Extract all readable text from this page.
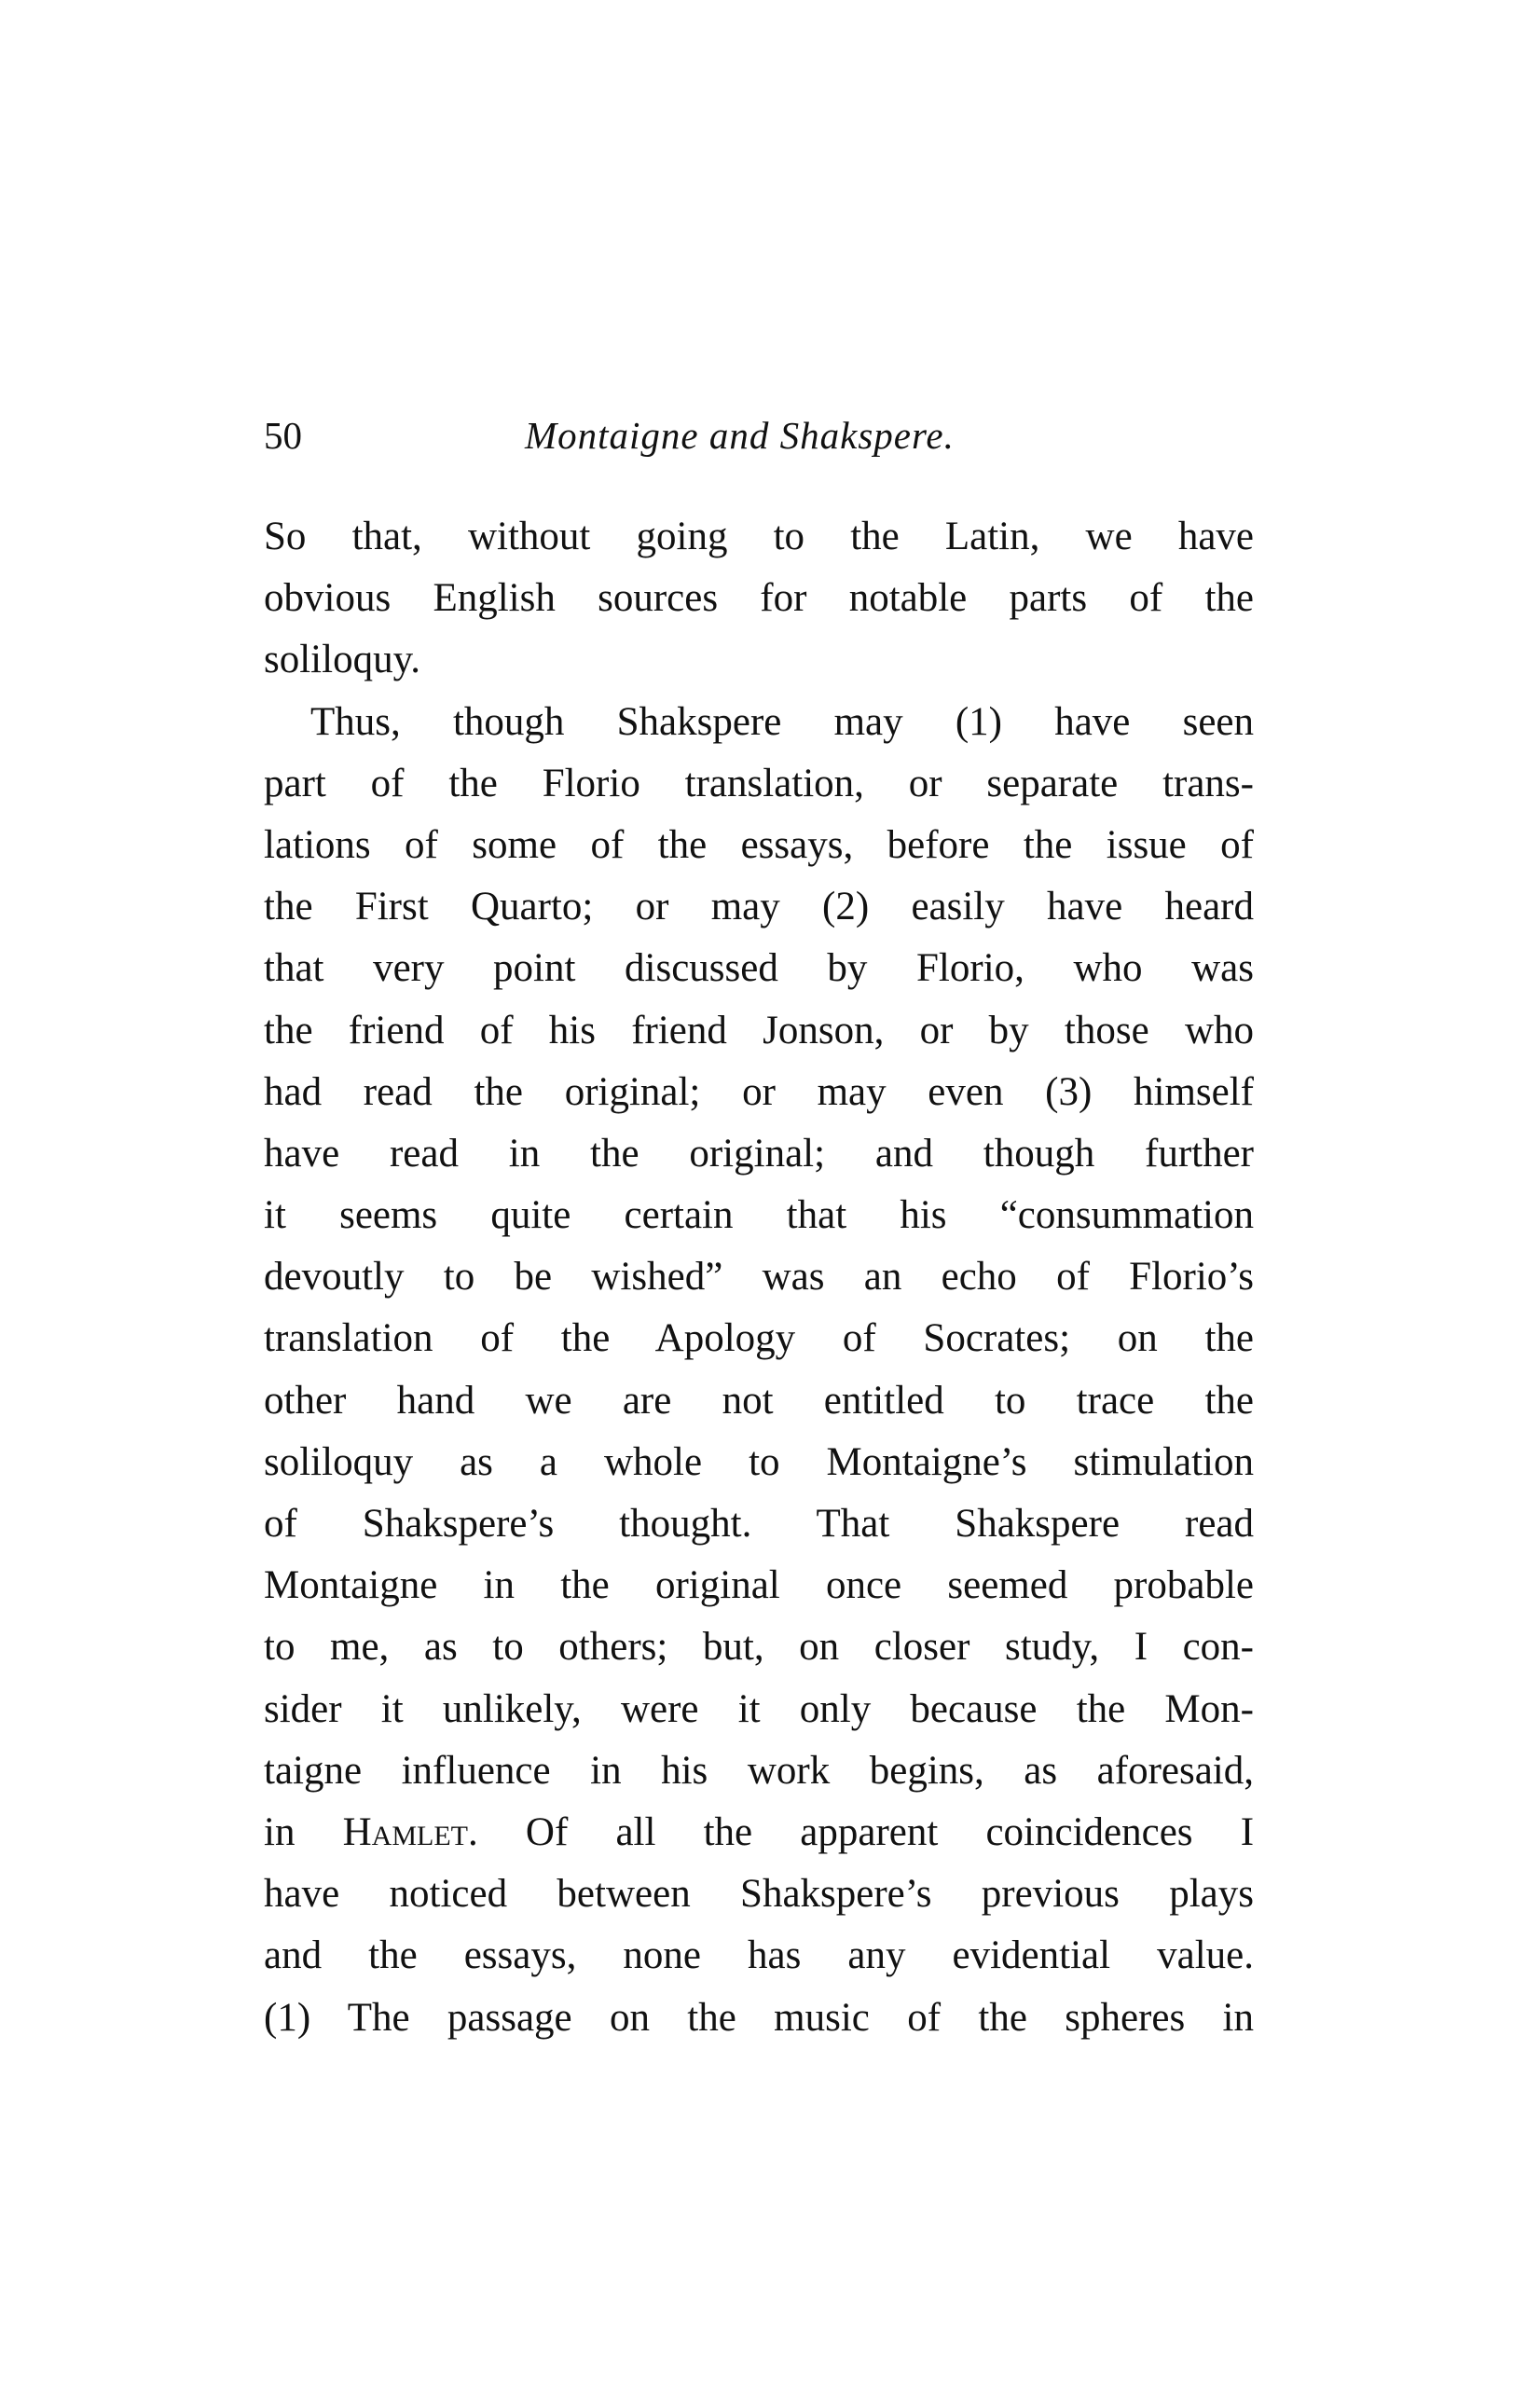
50	Montaigne and Shakspere.
So that, without going to the Latin, we have
obvious English sources for notable parts of the
soliloquy.
Thus, though Shakspere may (1) have seen
part of the Florio translation, or separate trans-
lations of some of the essays, before the issue of
the First Quarto; or may (2) easily have heard
that very point discussed by Florio, who was
the friend of his friend Jonson, or by those who
had read the original; or may even (3) himself
have read in the original; and though further
it seems quite certain that his “consummation
devoutly to be wished” was an echo of Florio’s
translation of the Apology of Socrates; on the
other hand we are not entitled to trace the
soliloquy as a whole to Montaigne’s stimulation
of Shakspere’s thought. That Shakspere read
Montaigne in the original once seemed probable
to me, as to others; but, on closer study, I con-
sider it unlikely, were it only because the Mon-
taigne influence in his work begins, as aforesaid,
in Hamlet. Of all the apparent coincidences I
have noticed between Shakspere’s previous plays
and the essays, none has any evidential value.
(1) The passage on the music of the spheres in
